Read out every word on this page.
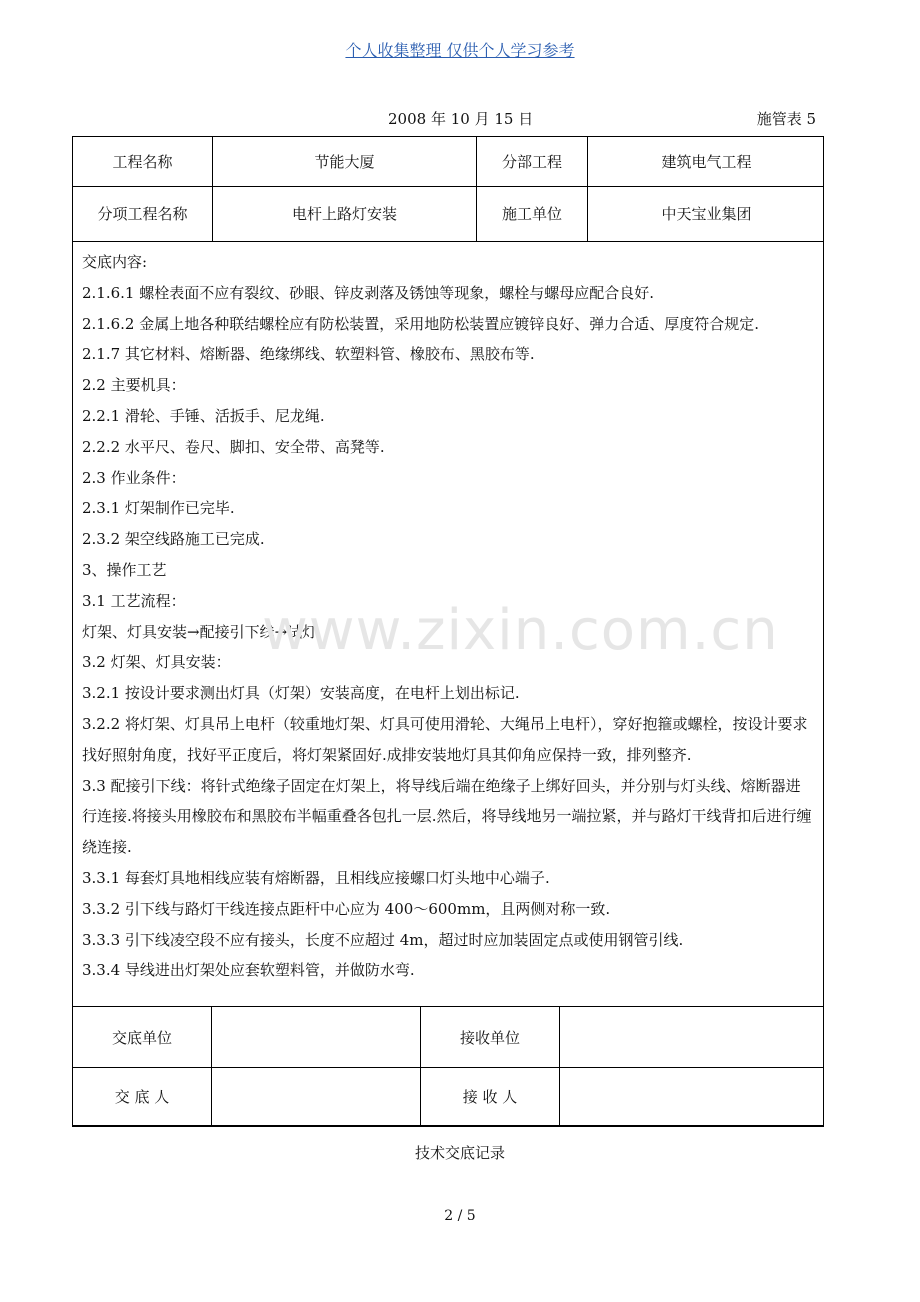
个人收集整理 仅供个人学习参考
2008 年 10 月 15 日	施管表 5
工程名称	节能大厦	分部工程	建筑电气工程
分项工程名称	电杆上路灯安装	施工单位	中天宝业集团

交底内容:

2.1.6.1 螺栓表面不应有裂纹、砂眼、锌皮剥落及锈蚀等现象，螺栓与螺母应配合良好.

2.1.6.2 金属上地各种联结螺栓应有防松装置，采用地防松装置应镀锌良好、弹力合适、厚度符合规定.

2.1.7 其它材料、熔断器、绝缘绑线、软塑料管、橡胶布、黑胶布等.

2.2 主要机具：

2.2.1 滑轮、手锤、活扳手、尼龙绳.

2.2.2 水平尺、卷尺、脚扣、安全带、高凳等.

2.3 作业条件：

2.3.1 灯架制作已完毕.

2.3.2 架空线路施工已完成.

3、操作工艺

3.1 工艺流程：

灯架、灯具安装→配接引下线→试灯

3.2 灯架、灯具安装：

3.2.1 按设计要求测出灯具（灯架）安装高度，在电杆上划出标记.

3.2.2 将灯架、灯具吊上电杆（较重地灯架、灯具可使用滑轮、大绳吊上电杆），穿好抱箍或螺栓，按设计要求找好照射角度，找好平正度后，将灯架紧固好.成排安装地灯具其仰角应保持一致，排列整齐.

3.3 配接引下线：将针式绝缘子固定在灯架上，将导线后端在绝缘子上绑好回头，并分别与灯头线、熔断器进行连接.将接头用橡胶布和黑胶布半幅重叠各包扎一层.然后，将导线地另一端拉紧，并与路灯干线背扣后进行缠绕连接.

3.3.1 每套灯具地相线应装有熔断器，且相线应接螺口灯头地中心端子.

3.3.2 引下线与路灯干线连接点距杆中心应为 400～600mm，且两侧对称一致.

3.3.3 引下线凌空段不应有接头，长度不应超过 4m，超过时应加装固定点或使用钢管引线.

3.3.4 导线进出灯架处应套软塑料管，并做防水弯.

交底单位	接收单位
交 底 人	接 收 人
www.zixin.com.cn
技术交底记录
2 / 5
